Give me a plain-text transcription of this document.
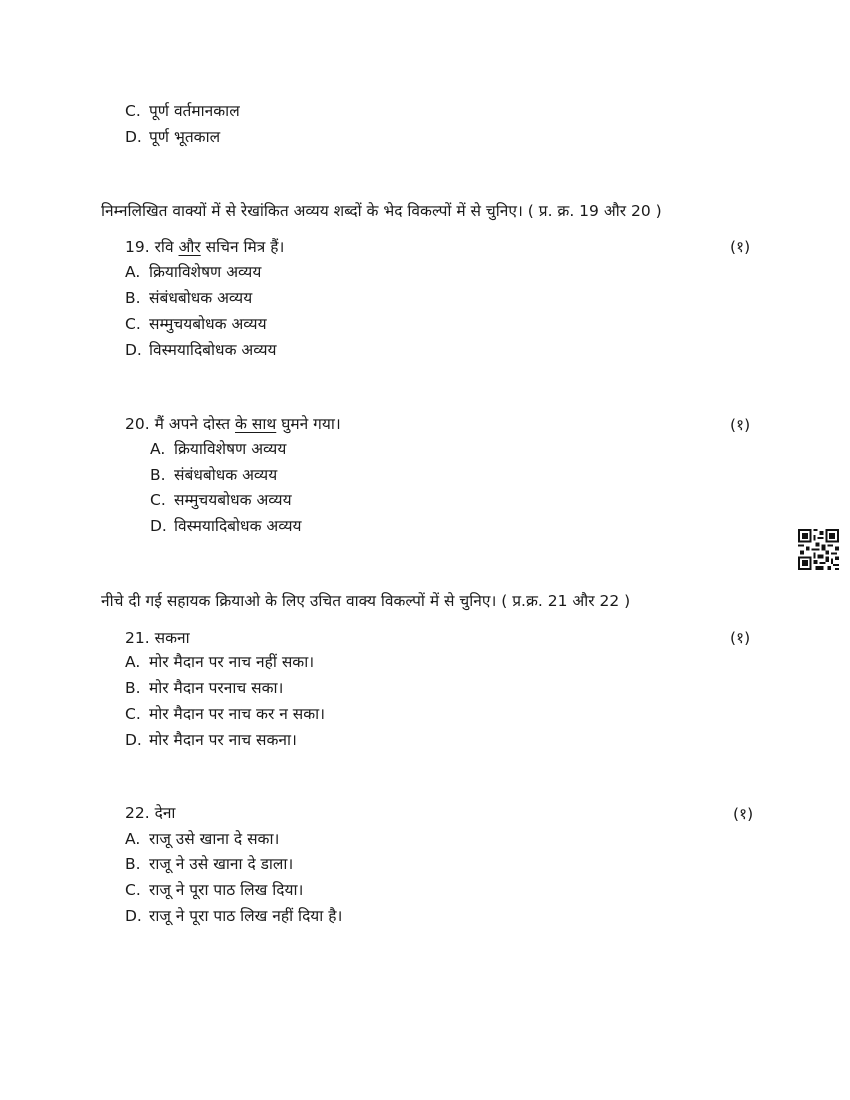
C. पूर्ण वर्तमानकाल
D. पूर्ण भूतकाल
निम्नलिखित वाक्यों में से रेखांकित अव्यय शब्दों के भेद विकल्पों में से चुनिए। ( प्र. क्र. 19 और 20 )
19. रवि और सचिन मित्र हैं।	(१)
A. क्रियाविशेषण अव्यय
B. संबंधबोधक अव्यय
C. सम्मुचयबोधक अव्यय
D. विस्मयादिबोधक अव्यय
20. मैं अपने दोस्त के साथ घुमने गया।	(१)
A. क्रियाविशेषण अव्यय
B. संबंधबोधक अव्यय
C. सम्मुचयबोधक अव्यय
D. विस्मयादिबोधक अव्यय
नीचे दी गई सहायक क्रियाओ के लिए उचित वाक्य विकल्पों में से चुनिए। ( प्र.क्र. 21 और 22 )
21. सकना	(१)
A. मोर मैदान पर नाच नहीं सका।
B. मोर मैदान परनाच सका।
C. मोर मैदान पर नाच कर न सका।
D. मोर मैदान पर नाच सकना।
22. देना	(१)
A. राजू उसे खाना दे सका।
B. राजू ने उसे खाना दे डाला।
C. राजू ने पूरा पाठ लिख दिया।
D. राजू ने पूरा पाठ लिख नहीं दिया है।
